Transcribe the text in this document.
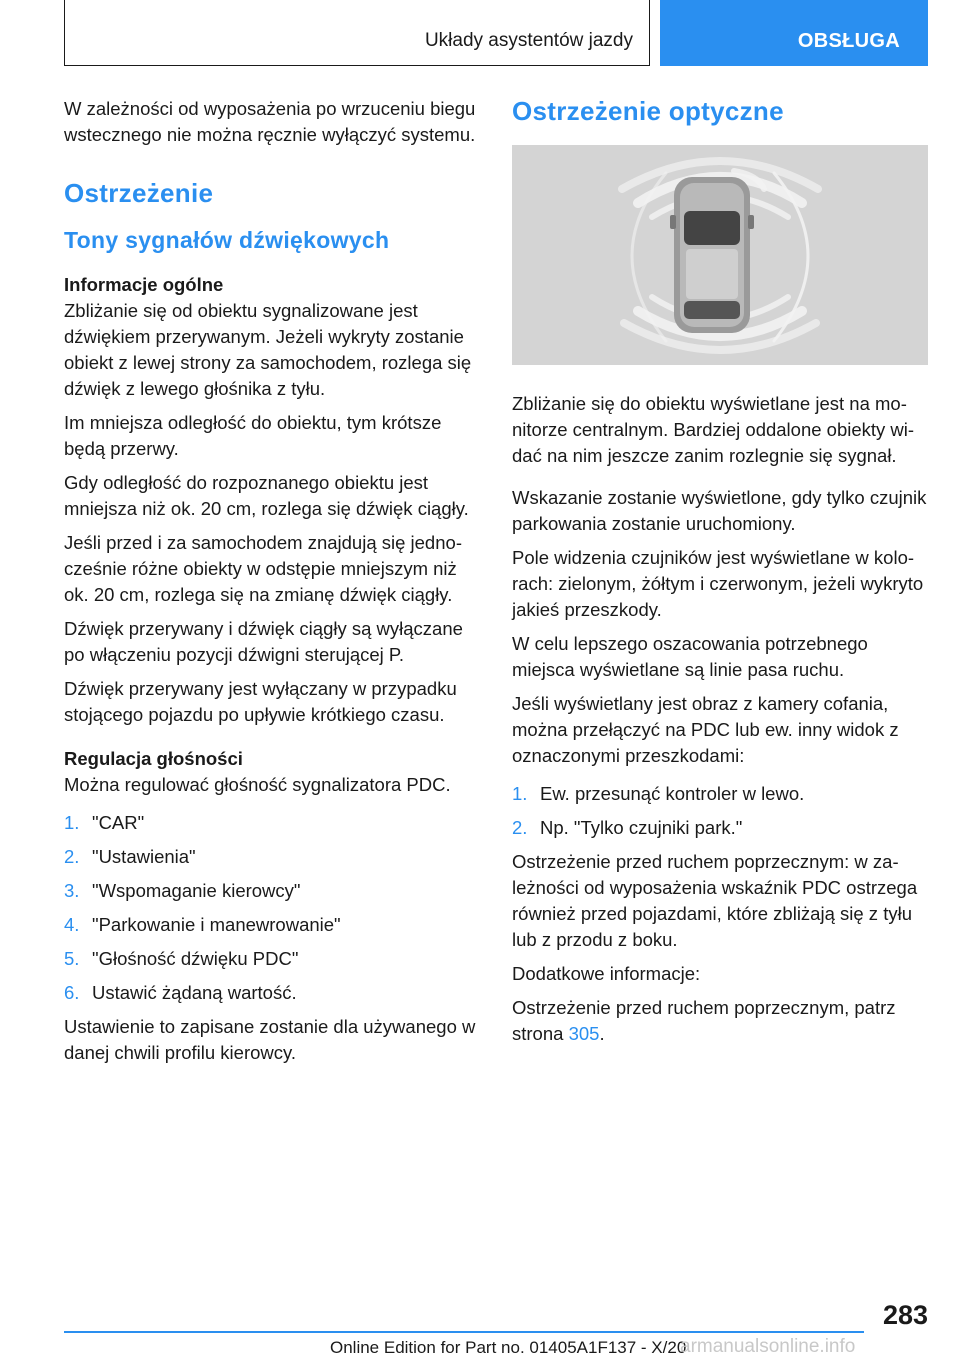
Układy asystentów jazdy	OBSŁUGA

W zależności od wyposażenia po wrzuceniu biegu wstecznego nie można ręcznie wyłączyć systemu.

Ostrzeżenie
Tony sygnałów dźwiękowych
Informacje ogólne

Zbliżanie się od obiektu sygnalizowane jest dźwiękiem przerywanym. Jeżeli wykryty zostanie obiekt z lewej strony za samochodem, rozlega się dźwięk z lewego głośnika z tyłu.

Im mniejsza odległość do obiektu, tym krótsze będą przerwy.

Gdy odległość do rozpoznanego obiektu jest mniejsza niż ok. 20 cm, rozlega się dźwięk ciągły.

Jeśli przed i za samochodem znajdują się jednocześnie różne obiekty w odstępie mniejszym niż ok. 20 cm, rozlega się na zmianę dźwięk ciągły.

Dźwięk przerywany i dźwięk ciągły są wyłączane po włączeniu pozycji dźwigni sterującej P.

Dźwięk przerywany jest wyłączany w przypadku stojącego pojazdu po upływie krótkiego czasu.

Regulacja głośności

Można regulować głośność sygnalizatora PDC.

1. "CAR"
2. "Ustawienia"
3. "Wspomaganie kierowcy"
4. "Parkowanie i manewrowanie"
5. "Głośność dźwięku PDC"
6. Ustawić żądaną wartość.

Ustawienie to zapisane zostanie dla używanego w danej chwili profilu kierowcy.

Ostrzeżenie optyczne

Zbliżanie się do obiektu wyświetlane jest na monitorze centralnym. Bardziej oddalone obiekty widać na nim jeszcze zanim rozlegnie się sygnał.

Wskazanie zostanie wyświetlone, gdy tylko czujnik parkowania zostanie uruchomiony.

Pole widzenia czujników jest wyświetlane w kolorach: zielonym, żółtym i czerwonym, jeżeli wykryto jakieś przeszkody.

W celu lepszego oszacowania potrzebnego miejsca wyświetlane są linie pasa ruchu.

Jeśli wyświetlany jest obraz z kamery cofania, można przełączyć na PDC lub ew. inny widok z oznaczonymi przeszkodami:

1. Ew. przesunąć kontroler w lewo.
2. Np. "Tylko czujniki park."

Ostrzeżenie przed ruchem poprzecznym: w zależności od wyposażenia wskaźnik PDC ostrzega również przed pojazdami, które zbliżają się z tyłu lub z przodu z boku.

Dodatkowe informacje:

Ostrzeżenie przed ruchem poprzecznym, patrz strona 305.

283
Online Edition for Part no. 01405A1F137 - X/20
armanualsonline.info
